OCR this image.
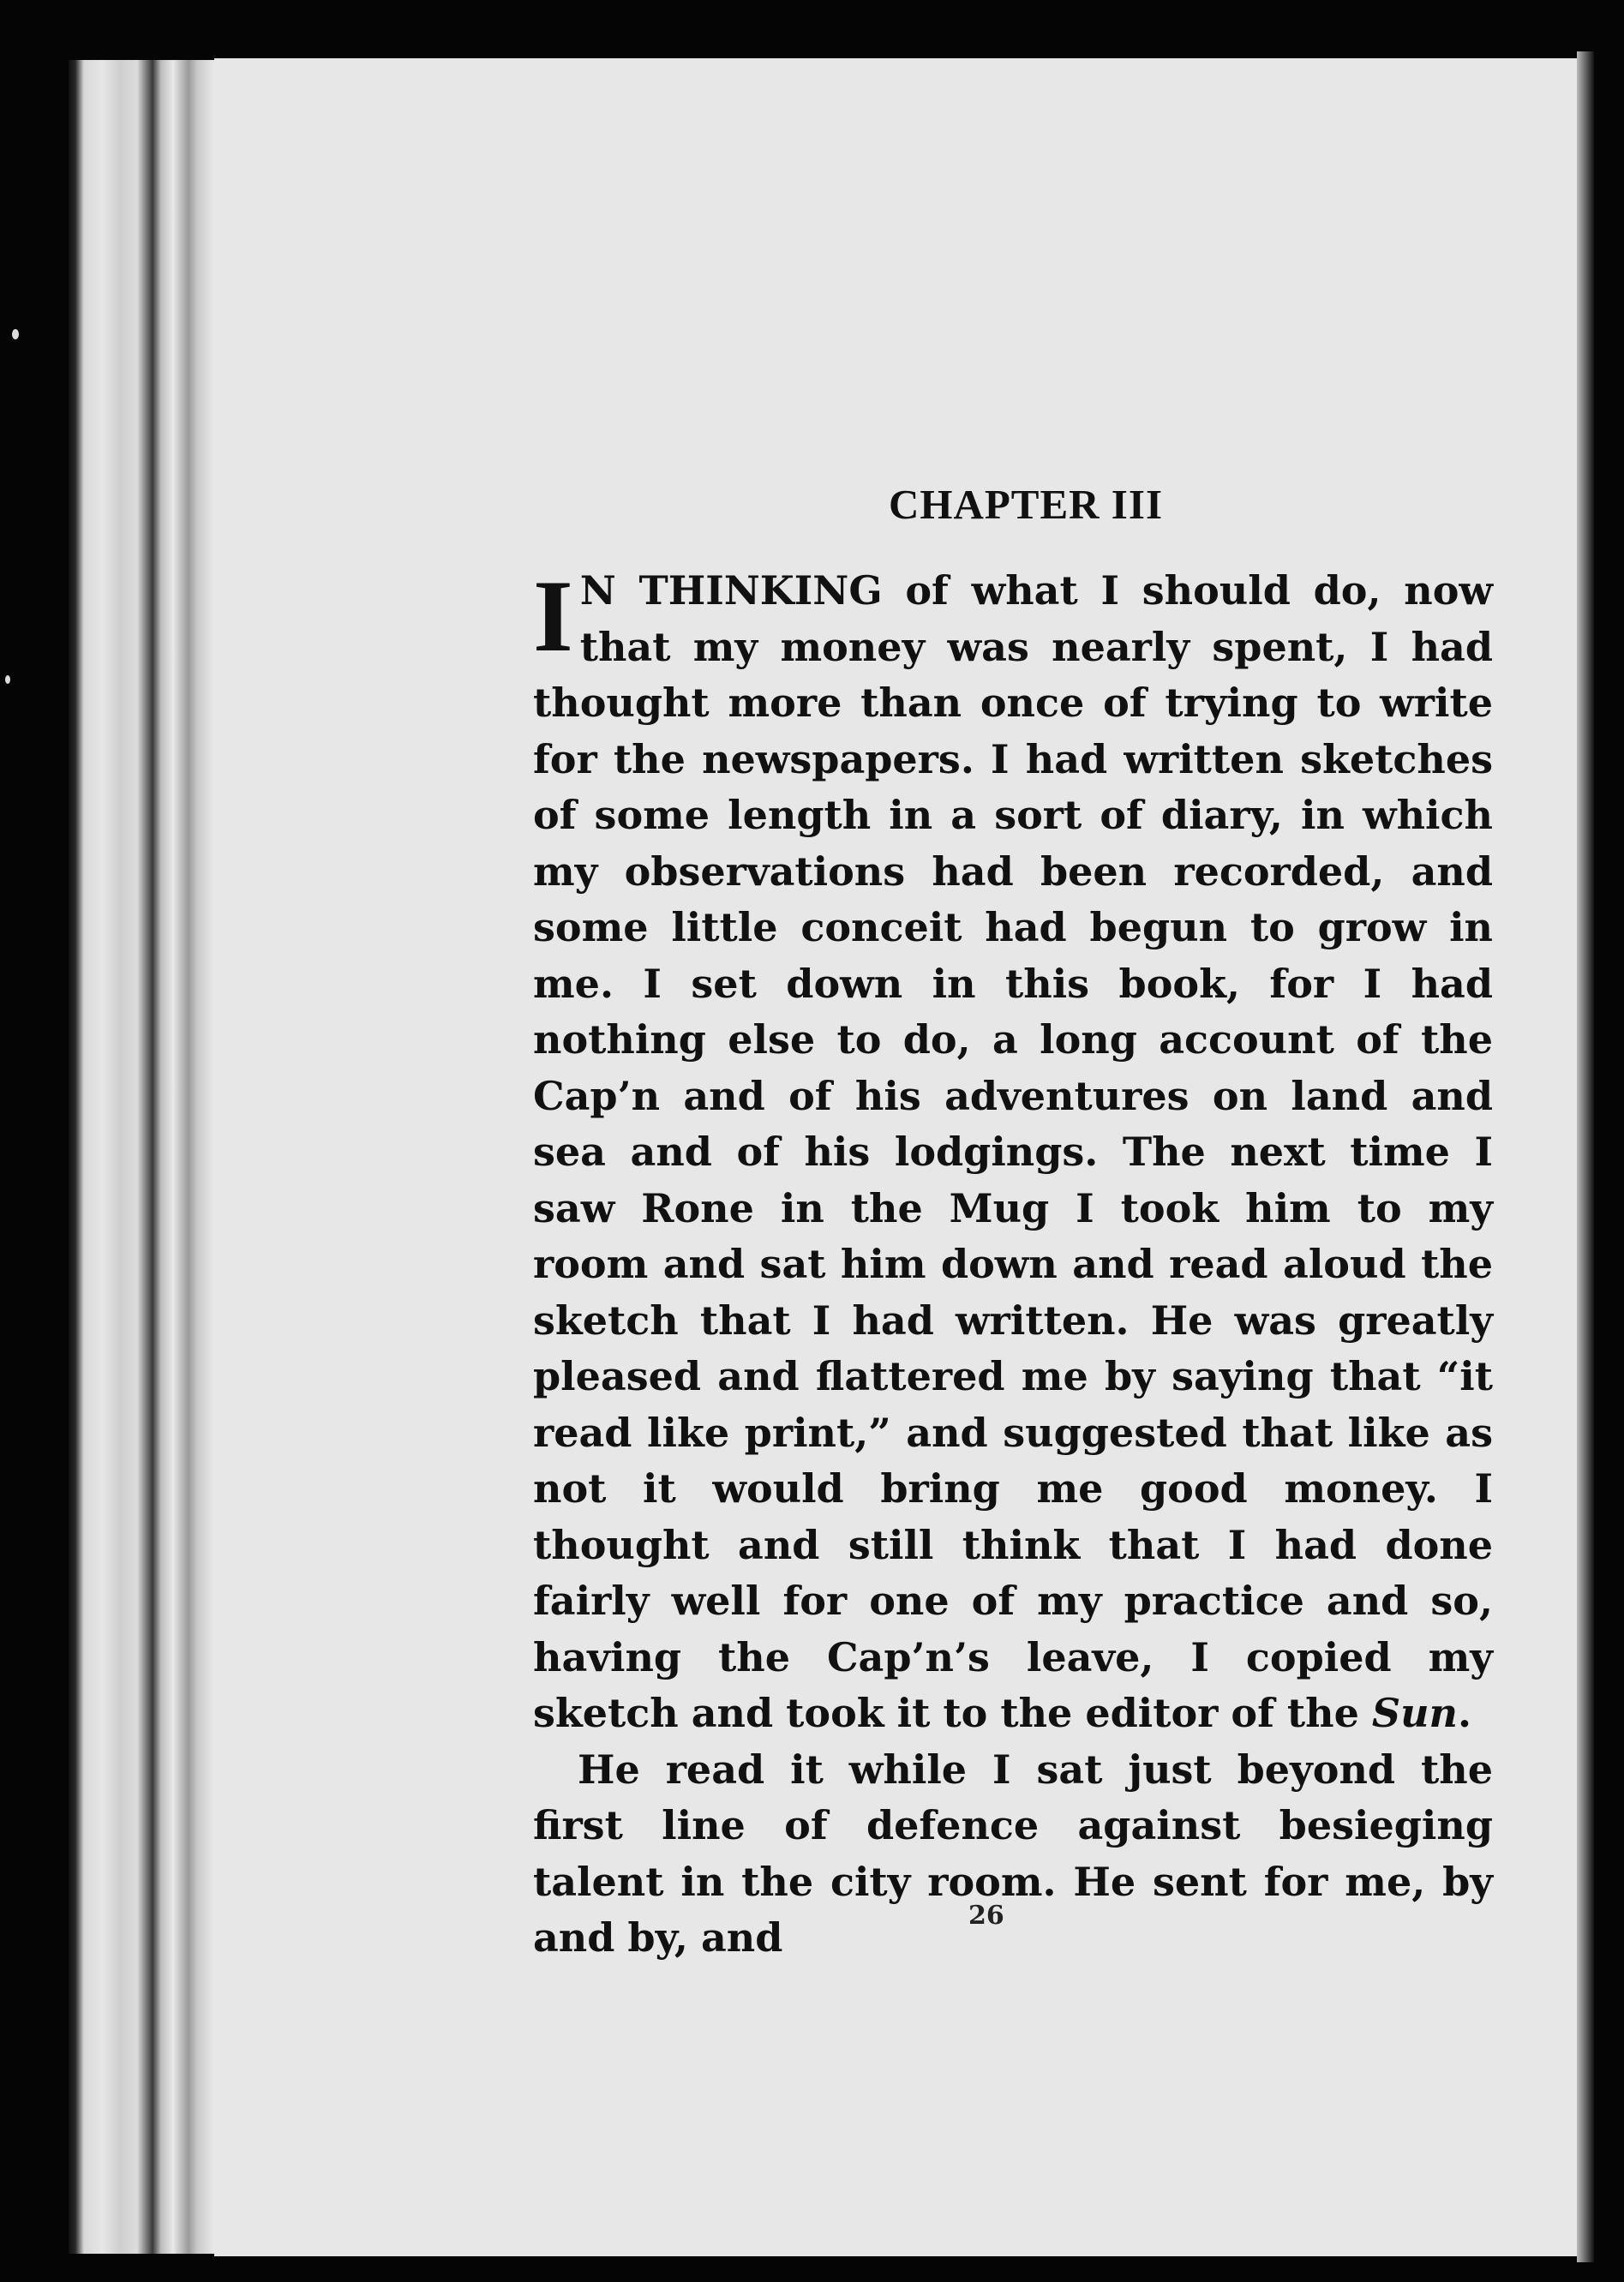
CHAPTER III

I N THINKING of what I should do, now that my money was nearly spent, I had thought more than once of trying to write for the newspapers. I had written sketches of some length in a sort of diary, in which my observations had been recorded, and some little conceit had begun to grow in me. I set down in this book, for I had nothing else to do, a long account of the Cap’n and of his adventures on land and sea and of his lodgings. The next time I saw Rone in the Mug I took him to my room and sat him down and read aloud the sketch that I had written. He was greatly pleased and flattered me by saying that “it read like print,” and suggested that like as not it would bring me good money. I thought and still think that I had done fairly well for one of my practice and so, having the Cap’n’s leave, I copied my sketch and took it to the editor of the Sun.

He read it while I sat just beyond the first line of defence against besieging talent in the city room. He sent for me, by and by, and	26
